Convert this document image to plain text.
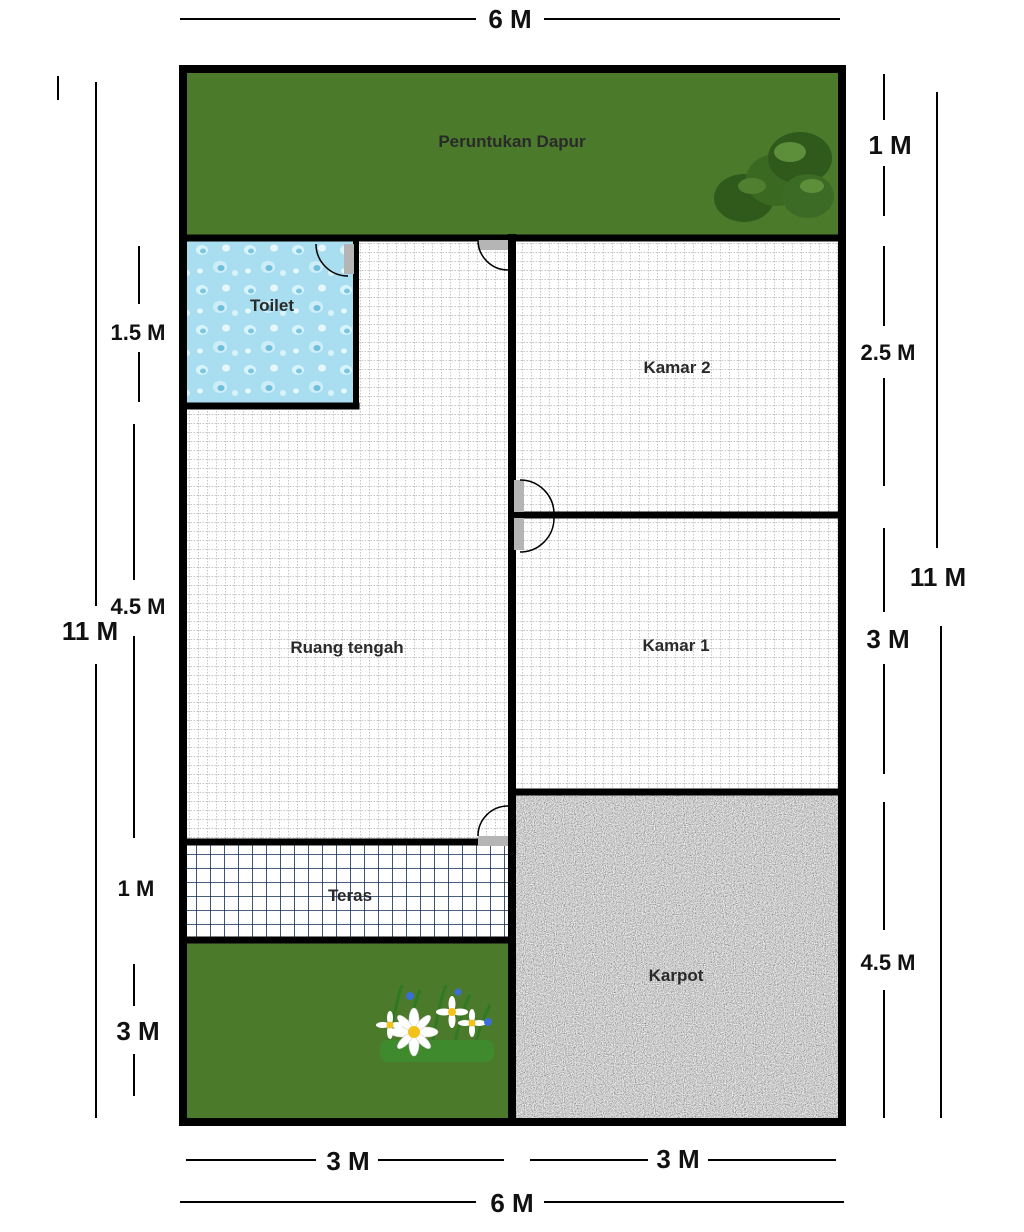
Peruntukan Dapur
Toilet
Kamar 2
Kamar 1
Ruang tengah
Teras
Karpot
6 M
6 M
3 M	3 M
11 M
1.5 M
4.5 M
1 M
3 M
11 M
1 M
2.5 M
3 M
4.5 M
